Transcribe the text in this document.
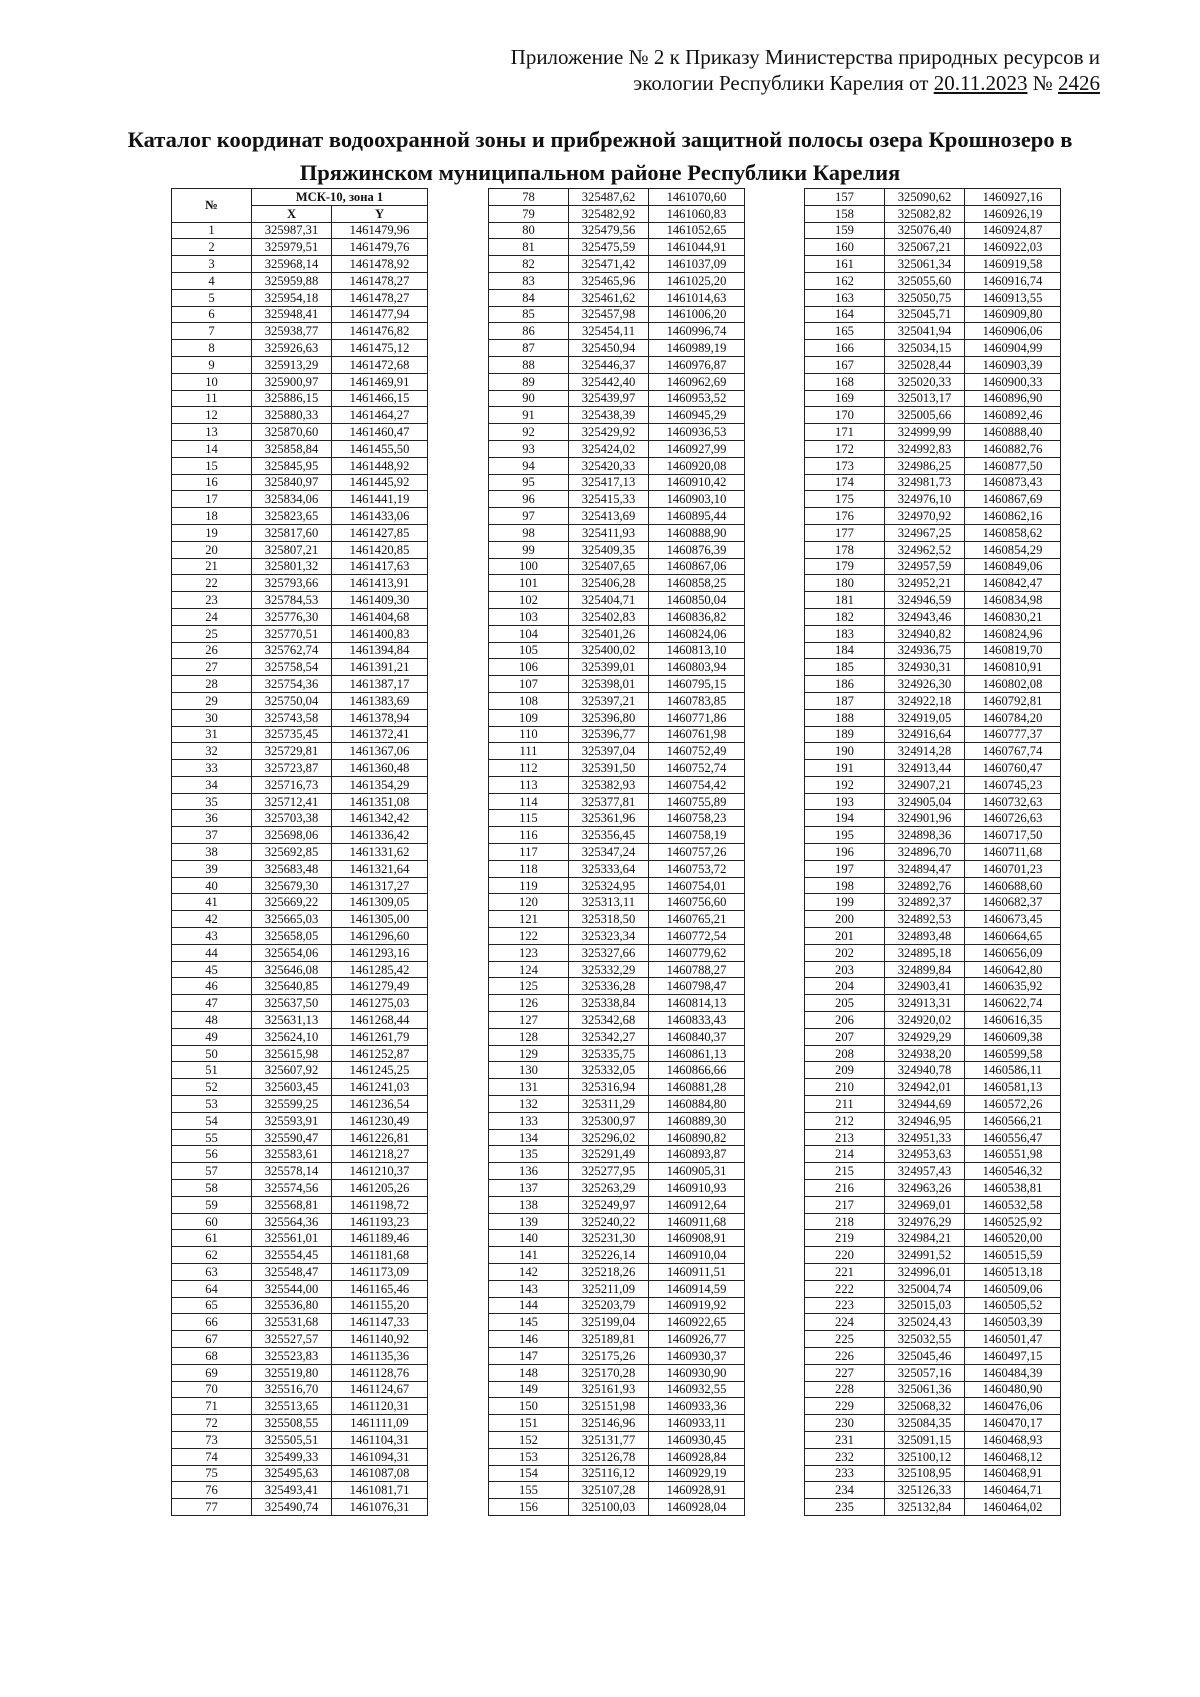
Приложение № 2 к Приказу Министерства природных ресурсов и
экологии Республики Карелия от 20.11.2023 № 2426
Каталог координат водоохранной зоны и прибрежной защитной полосы озера Крошнозеро в
Пряжинском муниципальном районе Республики Карелия
№	МСК-10, зона 1	
	X	Y
1	325987,31	1461479,96
2	325979,51	1461479,76
3	325968,14	1461478,92
4	325959,88	1461478,27
5	325954,18	1461478,27
6	325948,41	1461477,94
7	325938,77	1461476,82
8	325926,63	1461475,12
9	325913,29	1461472,68
10	325900,97	1461469,91
11	325886,15	1461466,15
12	325880,33	1461464,27
13	325870,60	1461460,47
14	325858,84	1461455,50
15	325845,95	1461448,92
16	325840,97	1461445,92
17	325834,06	1461441,19
18	325823,65	1461433,06
19	325817,60	1461427,85
20	325807,21	1461420,85
21	325801,32	1461417,63
22	325793,66	1461413,91
23	325784,53	1461409,30
24	325776,30	1461404,68
25	325770,51	1461400,83
26	325762,74	1461394,84
27	325758,54	1461391,21
28	325754,36	1461387,17
29	325750,04	1461383,69
30	325743,58	1461378,94
31	325735,45	1461372,41
32	325729,81	1461367,06
33	325723,87	1461360,48
34	325716,73	1461354,29
35	325712,41	1461351,08
36	325703,38	1461342,42
37	325698,06	1461336,42
38	325692,85	1461331,62
39	325683,48	1461321,64
40	325679,30	1461317,27
41	325669,22	1461309,05
42	325665,03	1461305,00
43	325658,05	1461296,60
44	325654,06	1461293,16
45	325646,08	1461285,42
46	325640,85	1461279,49
47	325637,50	1461275,03
48	325631,13	1461268,44
49	325624,10	1461261,79
50	325615,98	1461252,87
51	325607,92	1461245,25
52	325603,45	1461241,03
53	325599,25	1461236,54
54	325593,91	1461230,49
55	325590,47	1461226,81
56	325583,61	1461218,27
57	325578,14	1461210,37
58	325574,56	1461205,26
59	325568,81	1461198,72
60	325564,36	1461193,23
61	325561,01	1461189,46
62	325554,45	1461181,68
63	325548,47	1461173,09
64	325544,00	1461165,46
65	325536,80	1461155,20
66	325531,68	1461147,33
67	325527,57	1461140,92
68	325523,83	1461135,36
69	325519,80	1461128,76
70	325516,70	1461124,67
71	325513,65	1461120,31
72	325508,55	1461111,09
73	325505,51	1461104,31
74	325499,33	1461094,31
75	325495,63	1461087,08
76	325493,41	1461081,71
77	325490,74	1461076,31
78	325487,62	1461070,60
79	325482,92	1461060,83
80	325479,56	1461052,65
81	325475,59	1461044,91
82	325471,42	1461037,09
83	325465,96	1461025,20
84	325461,62	1461014,63
85	325457,98	1461006,20
86	325454,11	1460996,74
87	325450,94	1460989,19
88	325446,37	1460976,87
89	325442,40	1460962,69
90	325439,97	1460953,52
91	325438,39	1460945,29
92	325429,92	1460936,53
93	325424,02	1460927,99
94	325420,33	1460920,08
95	325417,13	1460910,42
96	325415,33	1460903,10
97	325413,69	1460895,44
98	325411,93	1460888,90
99	325409,35	1460876,39
100	325407,65	1460867,06
101	325406,28	1460858,25
102	325404,71	1460850,04
103	325402,83	1460836,82
104	325401,26	1460824,06
105	325400,02	1460813,10
106	325399,01	1460803,94
107	325398,01	1460795,15
108	325397,21	1460783,85
109	325396,80	1460771,86
110	325396,77	1460761,98
111	325397,04	1460752,49
112	325391,50	1460752,74
113	325382,93	1460754,42
114	325377,81	1460755,89
115	325361,96	1460758,23
116	325356,45	1460758,19
117	325347,24	1460757,26
118	325333,64	1460753,72
119	325324,95	1460754,01
120	325313,11	1460756,60
121	325318,50	1460765,21
122	325323,34	1460772,54
123	325327,66	1460779,62
124	325332,29	1460788,27
125	325336,28	1460798,47
126	325338,84	1460814,13
127	325342,68	1460833,43
128	325342,27	1460840,37
129	325335,75	1460861,13
130	325332,05	1460866,66
131	325316,94	1460881,28
132	325311,29	1460884,80
133	325300,97	1460889,30
134	325296,02	1460890,82
135	325291,49	1460893,87
136	325277,95	1460905,31
137	325263,29	1460910,93
138	325249,97	1460912,64
139	325240,22	1460911,68
140	325231,30	1460908,91
141	325226,14	1460910,04
142	325218,26	1460911,51
143	325211,09	1460914,59
144	325203,79	1460919,92
145	325199,04	1460922,65
146	325189,81	1460926,77
147	325175,26	1460930,37
148	325170,28	1460930,90
149	325161,93	1460932,55
150	325151,98	1460933,36
151	325146,96	1460933,11
152	325131,77	1460930,45
153	325126,78	1460928,84
154	325116,12	1460929,19
155	325107,28	1460928,91
156	325100,03	1460928,04
157	325090,62	1460927,16
158	325082,82	1460926,19
159	325076,40	1460924,87
160	325067,21	1460922,03
161	325061,34	1460919,58
162	325055,60	1460916,74
163	325050,75	1460913,55
164	325045,71	1460909,80
165	325041,94	1460906,06
166	325034,15	1460904,99
167	325028,44	1460903,39
168	325020,33	1460900,33
169	325013,17	1460896,90
170	325005,66	1460892,46
171	324999,99	1460888,40
172	324992,83	1460882,76
173	324986,25	1460877,50
174	324981,73	1460873,43
175	324976,10	1460867,69
176	324970,92	1460862,16
177	324967,25	1460858,62
178	324962,52	1460854,29
179	324957,59	1460849,06
180	324952,21	1460842,47
181	324946,59	1460834,98
182	324943,46	1460830,21
183	324940,82	1460824,96
184	324936,75	1460819,70
185	324930,31	1460810,91
186	324926,30	1460802,08
187	324922,18	1460792,81
188	324919,05	1460784,20
189	324916,64	1460777,37
190	324914,28	1460767,74
191	324913,44	1460760,47
192	324907,21	1460745,23
193	324905,04	1460732,63
194	324901,96	1460726,63
195	324898,36	1460717,50
196	324896,70	1460711,68
197	324894,47	1460701,23
198	324892,76	1460688,60
199	324892,37	1460682,37
200	324892,53	1460673,45
201	324893,48	1460664,65
202	324895,18	1460656,09
203	324899,84	1460642,80
204	324903,41	1460635,92
205	324913,31	1460622,74
206	324920,02	1460616,35
207	324929,29	1460609,38
208	324938,20	1460599,58
209	324940,78	1460586,11
210	324942,01	1460581,13
211	324944,69	1460572,26
212	324946,95	1460566,21
213	324951,33	1460556,47
214	324953,63	1460551,98
215	324957,43	1460546,32
216	324963,26	1460538,81
217	324969,01	1460532,58
218	324976,29	1460525,92
219	324984,21	1460520,00
220	324991,52	1460515,59
221	324996,01	1460513,18
222	325004,74	1460509,06
223	325015,03	1460505,52
224	325024,43	1460503,39
225	325032,55	1460501,47
226	325045,46	1460497,15
227	325057,16	1460484,39
228	325061,36	1460480,90
229	325068,32	1460476,06
230	325084,35	1460470,17
231	325091,15	1460468,93
232	325100,12	1460468,12
233	325108,95	1460468,91
234	325126,33	1460464,71
235	325132,84	1460464,02
